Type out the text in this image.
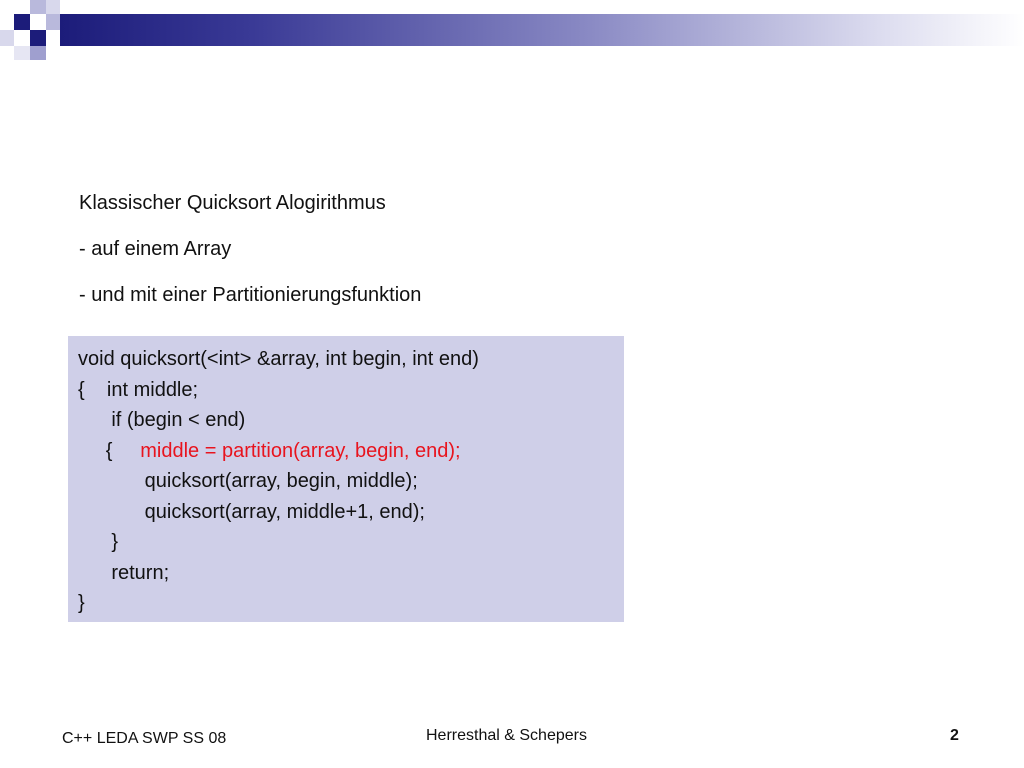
Klassischer Quicksort Alogirithmus
- auf einem Array
- und mit einer Partitionierungsfunktion
void quicksort(<int> &array, int begin, int end)
{    int middle;
if (begin < end)
{     middle = partition(array, begin, end);
quicksort(array, begin, middle);
quicksort(array, middle+1, end);
}
return;
}
C++ LEDA SWP SS 08	Herresthal & Schepers	2
